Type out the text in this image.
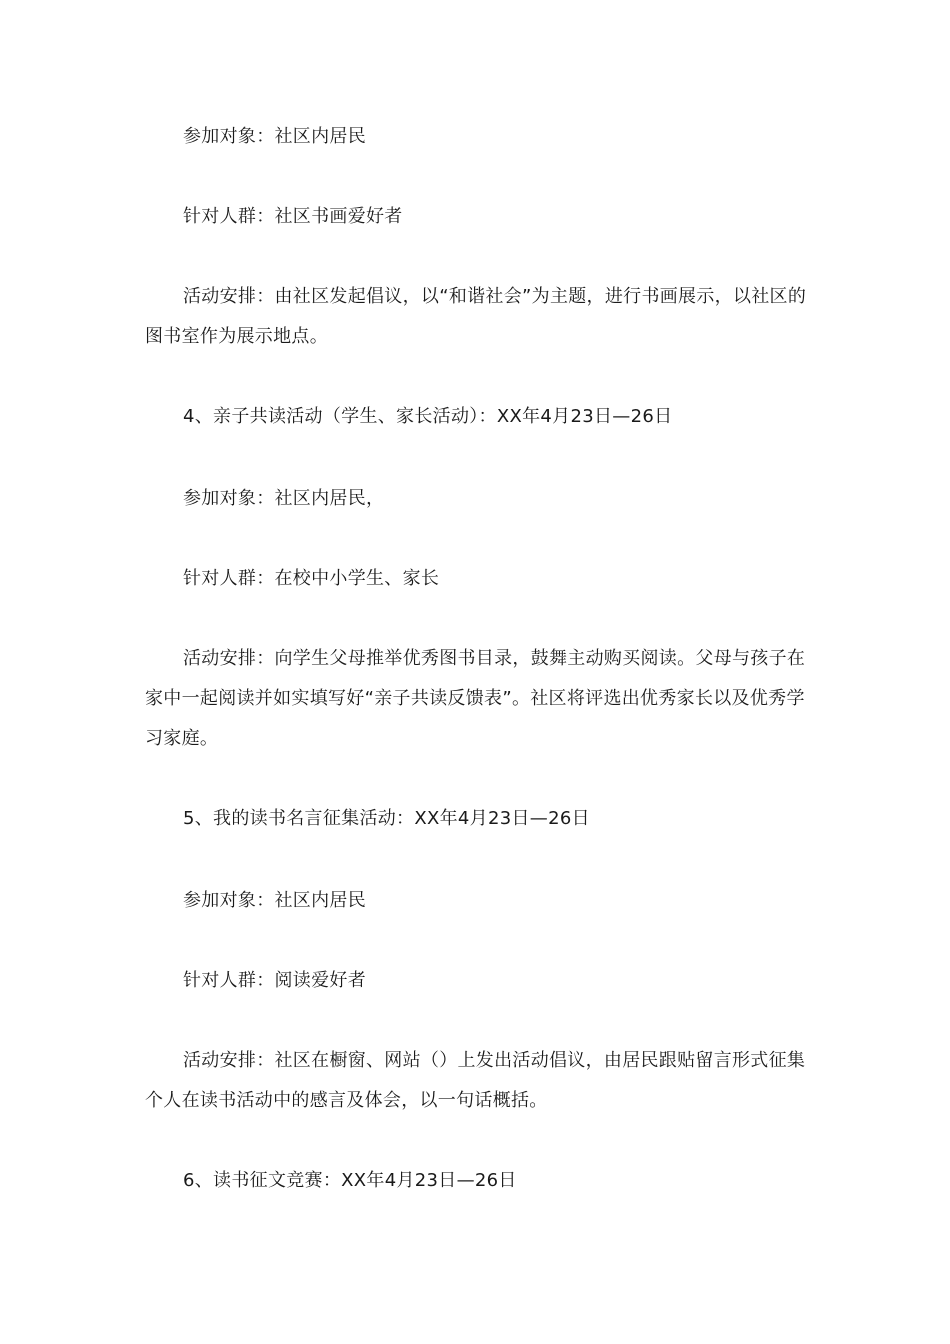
参加对象：社区内居民

针对人群：社区书画爱好者

活动安排：由社区发起倡议，以“和谐社会”为主题，进行书画展示，以社区的图书室作为展示地点。

4、亲子共读活动（学生、家长活动）：XX年4月23日—26日

参加对象：社区内居民，

针对人群：在校中小学生、家长

活动安排：向学生父母推举优秀图书目录，鼓舞主动购买阅读。父母与孩子在家中一起阅读并如实填写好“亲子共读反馈表”。社区将评选出优秀家长以及优秀学习家庭。

5、我的读书名言征集活动：XX年4月23日—26日

参加对象：社区内居民

针对人群：阅读爱好者

活动安排：社区在橱窗、网站（）上发出活动倡议，由居民跟贴留言形式征集个人在读书活动中的感言及体会，以一句话概括。

6、读书征文竞赛：XX年4月23日—26日
